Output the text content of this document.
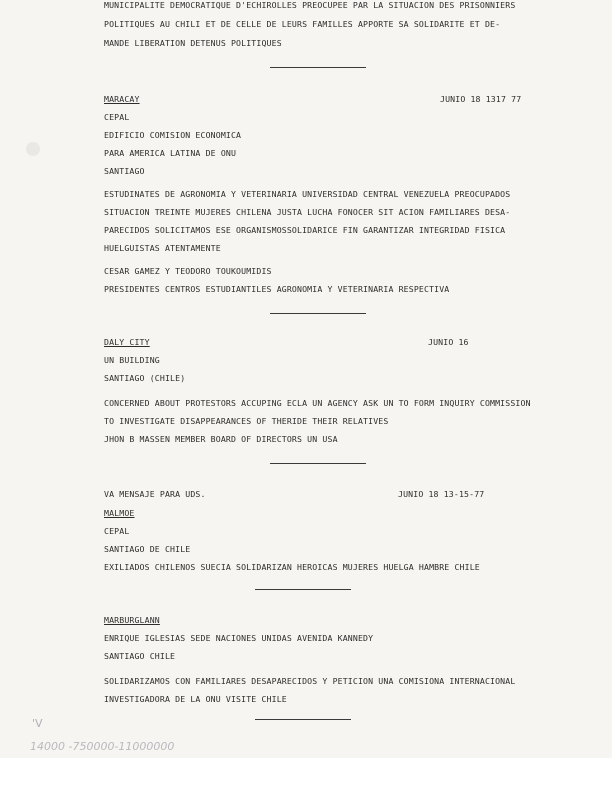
MUNICIPALITE DEMOCRATIQUE D'ECHIROLLES PREOCUPEE PAR LA SITUACION DES PRISONNIERS
POLITIQUES AU CHILI ET DE CELLE DE LEURS FAMILLES APPORTE SA SOLIDARITE ET DE-
MANDE LIBERATION DETENUS POLITIQUES
MARACAY	JUNIO 18 1317 77
CEPAL
EDIFICIO COMISION ECONOMICA
PARA AMERICA LATINA DE ONU
SANTIAGO
ESTUDINATES DE AGRONOMIA Y VETERINARIA UNIVERSIDAD CENTRAL VENEZUELA PREOCUPADOS
SITUACION TREINTE MUJERES CHILENA JUSTA LUCHA FONOCER SIT ACION FAMILIARES DESA-
PARECIDOS SOLICITAMOS ESE ORGANISMOSSOLIDARICE FIN GARANTIZAR INTEGRIDAD FISICA
HUELGUISTAS ATENTAMENTE
CESAR GAMEZ Y TEODORO TOUKOUMIDIS
PRESIDENTES CENTROS ESTUDIANTILES AGRONOMIA Y VETERINARIA RESPECTIVA
DALY CITY	JUNIO 16
UN BUILDING
SANTIAGO (CHILE)
CONCERNED ABOUT PROTESTORS ACCUPING ECLA UN AGENCY ASK UN TO FORM INQUIRY COMMISSION
TO INVESTIGATE DISAPPEARANCES OF THERIDE THEIR RELATIVES
JHON B MASSEN MEMBER BOARD OF DIRECTORS UN USA
VA MENSAJE PARA UDS.	JUNIO 18 13-15-77
MALMOE
CEPAL
SANTIAGO DE CHILE
EXILIADOS CHILENOS SUECIA SOLIDARIZAN HEROICAS MUJERES HUELGA HAMBRE CHILE
MARBURGLANN
ENRIQUE IGLESIAS SEDE NACIONES UNIDAS AVENIDA KANNEDY
SANTIAGO CHILE
SOLIDARIZAMOS CON FAMILIARES DESAPARECIDOS Y PETICION UNA COMISIONA INTERNACIONAL
INVESTIGADORA DE LA ONU VISITE CHILE
'V
14000 -750000-11000000
